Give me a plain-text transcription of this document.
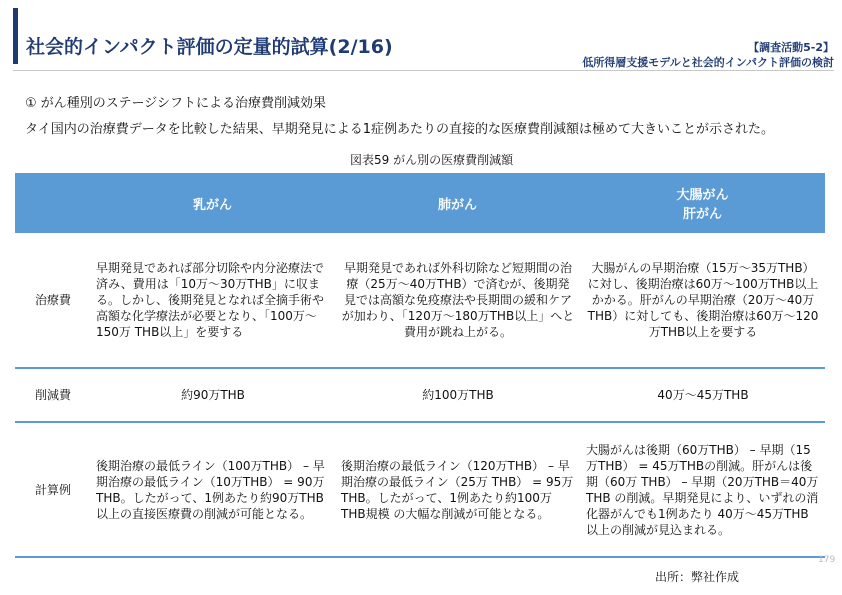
社会的インパクト評価の定量的試算(2/16)	【調査活動5-2】
低所得層支援モデルと社会的インパクト評価の検討
① がん種別のステージシフトによる治療費削減効果
タイ国内の治療費データを比較した結果、早期発見による1症例あたりの直接的な医療費削減額は極めて大きいことが示された。
図表59 がん別の医療費削減額
	乳がん	肺がん	大腸がん
肝がん
治療費	早期発見であれば部分切除や内分泌療法で済み、費用は「10万～30万THB」に収まる。しかし、後期発見となれば全摘手術や高額な化学療法が必要となり、「100万～150万 THB以上」を要する	早期発見であれば外科切除など短期間の治療（25万～40万THB）で済むが、後期発見では高額な免疫療法や長期間の緩和ケアが加わり、「120万～180万THB以上」へと費用が跳ね上がる。	大腸がんの早期治療（15万～35万THB）に対し、後期治療は60万～100万THB以上かかる。肝がんの早期治療（20万～40万THB）に対しても、後期治療は60万～120万THB以上を要する
削減費	約90万THB	約100万THB	40万～45万THB
計算例	後期治療の最低ライン（100万THB） – 早期治療の最低ライン（10万THB） = 90万THB。したがって、1例あたり約90万THB以上の直接医療費の削減が可能となる。	後期治療の最低ライン（120万THB） – 早期治療の最低ライン（25万 THB） = 95万 THB。したがって、1例あたり約100万THB規模 の大幅な削減が可能となる。	大腸がんは後期（60万THB） – 早期（15万THB） = 45万THBの削減。肝がんは後期（60万 THB） – 早期（20万THB＝40万THB の削減。早期発見により、いずれの消化器がんでも1例あたり 40万～45万THB以上の削減が見込まれる。
179
出所：弊社作成
